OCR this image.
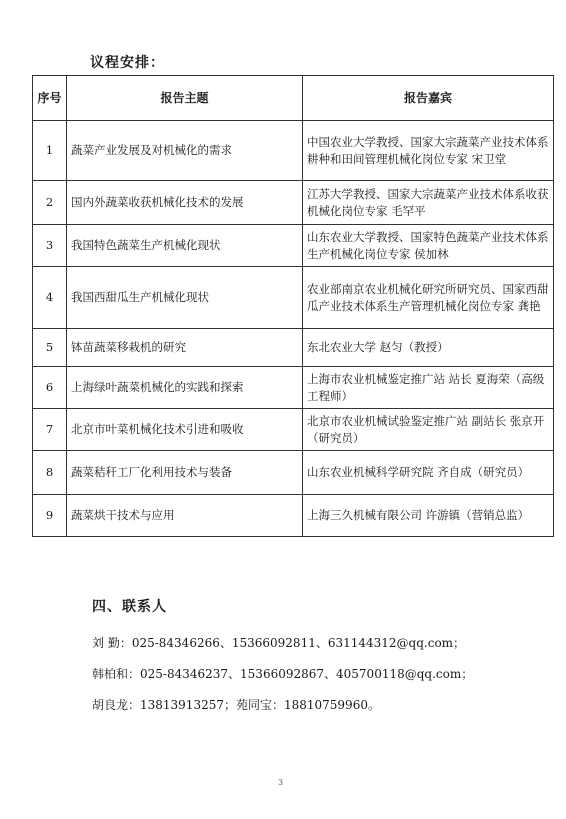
议程安排：
序号	报告主题	报告嘉宾
1	蔬菜产业发展及对机械化的需求	中国农业大学教授、国家大宗蔬菜产业技术体系耕种和田间管理机械化岗位专家 宋卫堂
2	国内外蔬菜收获机械化技术的发展	江苏大学教授、国家大宗蔬菜产业技术体系收获机械化岗位专家 毛罕平
3	我国特色蔬菜生产机械化现状	山东农业大学教授、国家特色蔬菜产业技术体系生产机械化岗位专家 侯加林
4	我国西甜瓜生产机械化现状	农业部南京农业机械化研究所研究员、国家西甜瓜产业技术体系生产管理机械化岗位专家 龚艳
5	钵苗蔬菜移栽机的研究	东北农业大学 赵匀（教授）
6	上海绿叶蔬菜机械化的实践和探索	上海市农业机械鉴定推广站 站长 夏海荣（高级工程师）
7	北京市叶菜机械化技术引进和吸收	北京市农业机械试验鉴定推广站 副站长 张京开（研究员）
8	蔬菜秸秆工厂化利用技术与装备	山东农业机械科学研究院 齐自成（研究员）
9	蔬菜烘干技术与应用	上海三久机械有限公司 许游镇（营销总监）
四、联系人
刘 勤：025-84346266、15366092811、631144312@qq.com；
韩柏和：025-84346237、15366092867、405700118@qq.com；
胡良龙：13813913257；苑同宝：18810759960。
3
